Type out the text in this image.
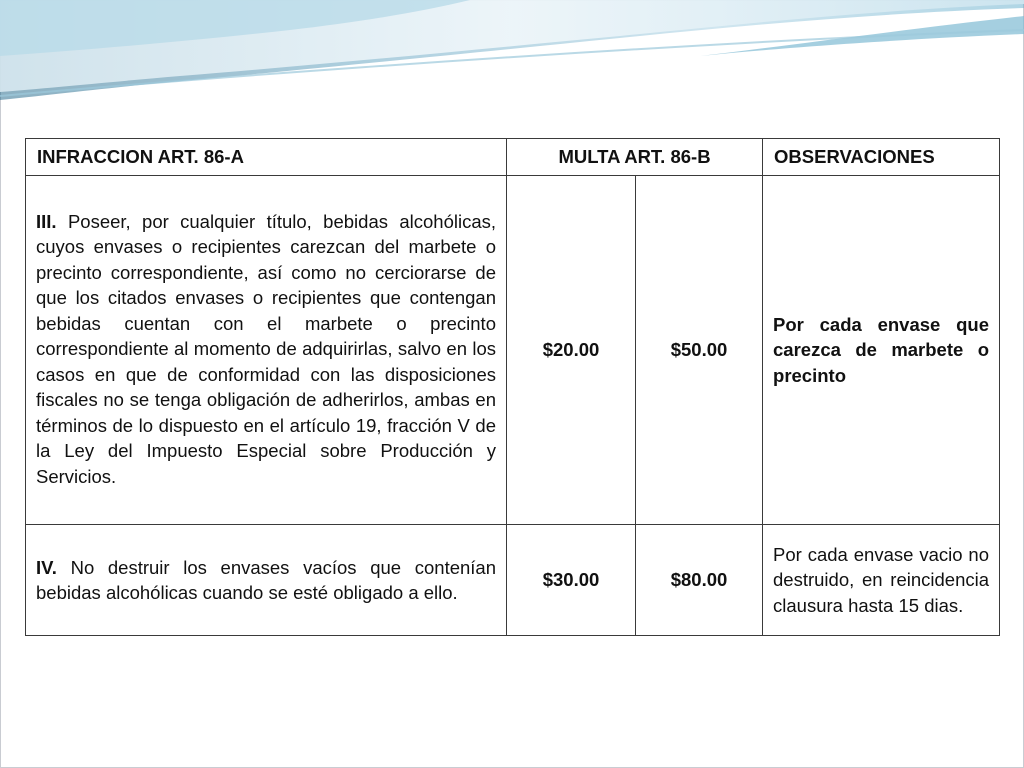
INFRACCION ART. 86-A	MULTA ART. 86-B		OBSERVACIONES
III. Poseer, por cualquier título, bebidas alcohólicas, cuyos envases o recipientes carezcan del marbete o precinto correspondiente, así como no cerciorarse de que los citados envases o recipientes que contengan bebidas cuentan con el marbete o precinto correspondiente al momento de adquirirlas, salvo en los casos en que de conformidad con las disposiciones fiscales no se tenga obligación de adherirlos, ambas en términos de lo dispuesto en el artículo 19, fracción V de la Ley del Impuesto Especial sobre Producción y Servicios.	$20.00	$50.00	Por cada envase que carezca de marbete o precinto
IV. No destruir los envases vacíos que contenían bebidas alcohólicas cuando se esté obligado a ello.	$30.00	$80.00	Por cada envase vacio no destruido, en reincidencia clausura hasta 15 dias.
